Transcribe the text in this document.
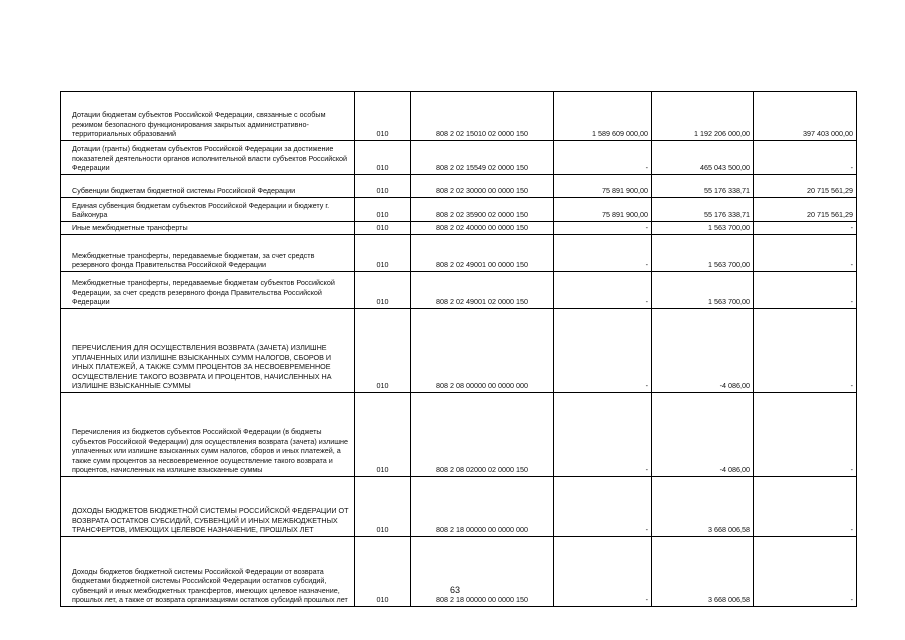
Дотации бюджетам субъектов Российской Федерации, связанные с особым режимом безопасного функционирования закрытых административно-территориальных образований	010	808 2 02 15010 02 0000 150	1 589 609 000,00	1 192 206 000,00	397 403 000,00

Дотации (гранты) бюджетам субъектов Российской Федерации за достижение показателей деятельности органов исполнительной власти субъектов Российской Федерации	010	808 2 02 15549 02 0000 150	-	465 043 500,00	-

Субвенции бюджетам бюджетной системы Российской Федерации	010	808 2 02 30000 00 0000 150	75 891 900,00	55 176 338,71	20 715 561,29

Единая субвенция бюджетам субъектов Российской Федерации и бюджету г. Байконура	010	808 2 02 35900 02 0000 150	75 891 900,00	55 176 338,71	20 715 561,29

Иные межбюджетные трансферты	010	808 2 02 40000 00 0000 150	-	1 563 700,00	-

Межбюджетные трансферты, передаваемые бюджетам, за счет средств резервного фонда Правительства Российской Федерации	010	808 2 02 49001 00 0000 150	-	1 563 700,00	-

Межбюджетные трансферты, передаваемые бюджетам субъектов Российской Федерации, за счет средств резервного фонда Правительства Российской Федерации	010	808 2 02 49001 02 0000 150	-	1 563 700,00	-

ПЕРЕЧИСЛЕНИЯ ДЛЯ ОСУЩЕСТВЛЕНИЯ ВОЗВРАТА (ЗАЧЕТА) ИЗЛИШНЕ УПЛАЧЕННЫХ ИЛИ ИЗЛИШНЕ ВЗЫСКАННЫХ СУММ НАЛОГОВ, СБОРОВ И ИНЫХ ПЛАТЕЖЕЙ, А ТАКЖЕ СУММ ПРОЦЕНТОВ ЗА НЕСВОЕВРЕМЕННОЕ ОСУЩЕСТВЛЕНИЕ ТАКОГО ВОЗВРАТА И ПРОЦЕНТОВ, НАЧИСЛЕННЫХ НА ИЗЛИШНЕ ВЗЫСКАННЫЕ СУММЫ	010	808 2 08 00000 00 0000 000	-	-4 086,00	-

Перечисления из бюджетов субъектов Российской Федерации (в бюджеты субъектов Российской Федерации) для осуществления возврата (зачета) излишне уплаченных или излишне взысканных сумм налогов, сборов и иных платежей, а также сумм процентов за несвоевременное осуществление такого возврата и процентов, начисленных на излишне взысканные суммы	010	808 2 08 02000 02 0000 150	-	-4 086,00	-

ДОХОДЫ БЮДЖЕТОВ БЮДЖЕТНОЙ СИСТЕМЫ РОССИЙСКОЙ ФЕДЕРАЦИИ ОТ ВОЗВРАТА ОСТАТКОВ СУБСИДИЙ, СУБВЕНЦИЙ И ИНЫХ МЕЖБЮДЖЕТНЫХ ТРАНСФЕРТОВ, ИМЕЮЩИХ ЦЕЛЕВОЕ НАЗНАЧЕНИЕ, ПРОШЛЫХ ЛЕТ	010	808 2 18 00000 00 0000 000	-	3 668 006,58	-

Доходы бюджетов бюджетной системы Российской Федерации от возврата бюджетами бюджетной системы Российской Федерации остатков субсидий, субвенций и иных межбюджетных трансфертов, имеющих целевое назначение, прошлых лет, а также от возврата организациями остатков субсидий прошлых лет	010	808 2 18 00000 00 0000 150	-	3 668 006,58	-
63
